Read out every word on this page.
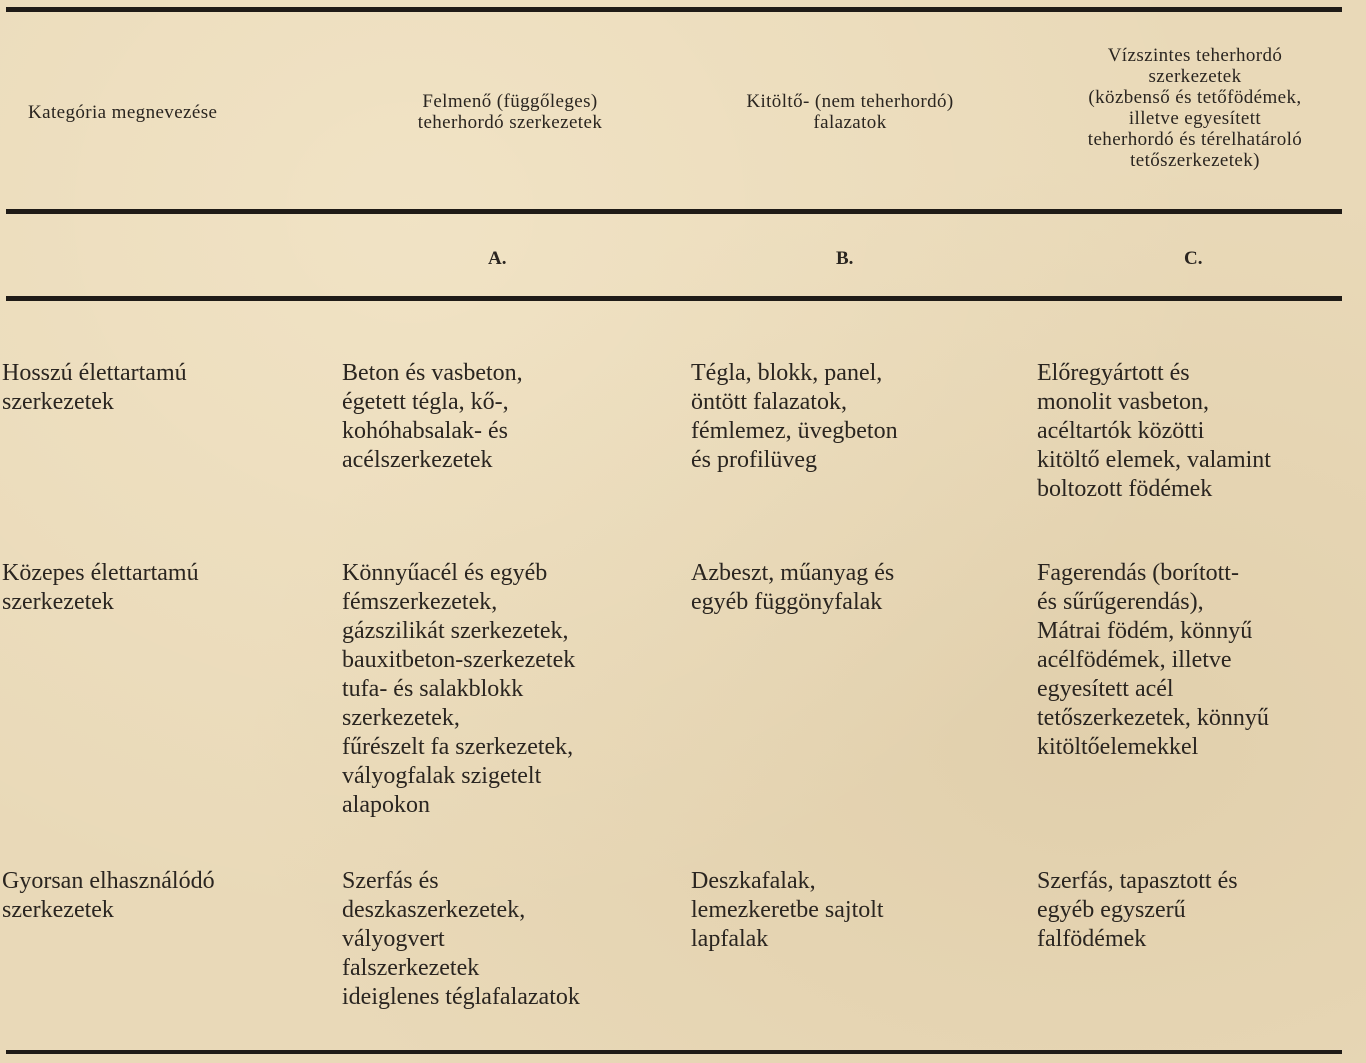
Kategória megnevezése
Felmenő (függőleges)
teherhordó szerkezetek
Kitöltő- (nem teherhordó)
falazatok
Vízszintes teherhordó
szerkezetek
(közbenső és tetőfödémek,
illetve egyesített
teherhordó és térelhatároló
tetőszerkezetek)
A.	B.	C.
Hosszú élettartamú
szerkezetek
Beton és vasbeton,
égetett tégla, kő-,
kohóhabsalak- és
acélszerkezetek
Tégla, blokk, panel,
öntött falazatok,
fémlemez, üvegbeton
és profilüveg
Előregyártott és
monolit vasbeton,
acéltartók közötti
kitöltő elemek, valamint
boltozott födémek
Közepes élettartamú
szerkezetek
Könnyűacél és egyéb
fémszerkezetek,
gázszilikát szerkezetek,
bauxitbeton-szerkezetek
tufa- és salakblokk
szerkezetek,
fűrészelt fa szerkezetek,
vályogfalak szigetelt
alapokon
Azbeszt, műanyag és
egyéb függönyfalak
Fagerendás (borított-
és sűrűgerendás),
Mátrai födém, könnyű
acélfödémek, illetve
egyesített acél
tetőszerkezetek, könnyű
kitöltőelemekkel
Gyorsan elhasználódó
szerkezetek
Szerfás és
deszkaszerkezetek,
vályogvert
falszerkezetek
ideiglenes téglafalazatok
Deszkafalak,
lemezkeretbe sajtolt
lapfalak
Szerfás, tapasztott és
egyéb egyszerű
falfödémek
